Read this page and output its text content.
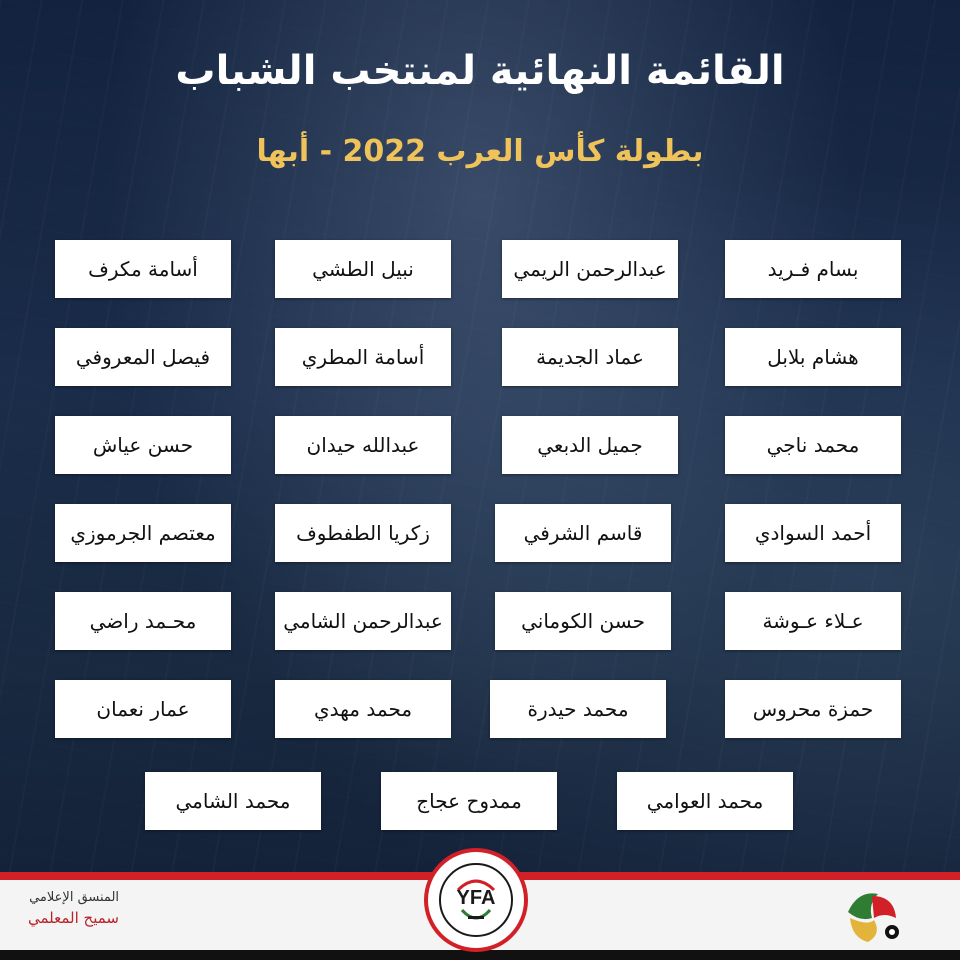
القائمة النهائية لمنتخب الشباب
بطولة كأس العرب 2022 - أبها
بسام فـريد
عبدالرحمن الريمي
نبيل الطشي
أسامة مكرف
هشام بلابل
عماد الجديمة
أسامة المطري
فيصل المعروفي
محمد ناجي
جميل الدبعي
عبدالله حيدان
حسن عياش
أحمد السوادي
قاسم الشرفي
زكريا الطفطوف
معتصم الجرموزي
عـلاء عـوشة
حسن الكوماني
عبدالرحمن الشامي
محـمد راضي
حمزة محروس
محمد حيدرة
محمد مهدي
عمار نعمان
محمد العوامي
ممدوح عجاج
محمد الشامي
المنسق الإعلامي
سميح المعلمي
YFA
